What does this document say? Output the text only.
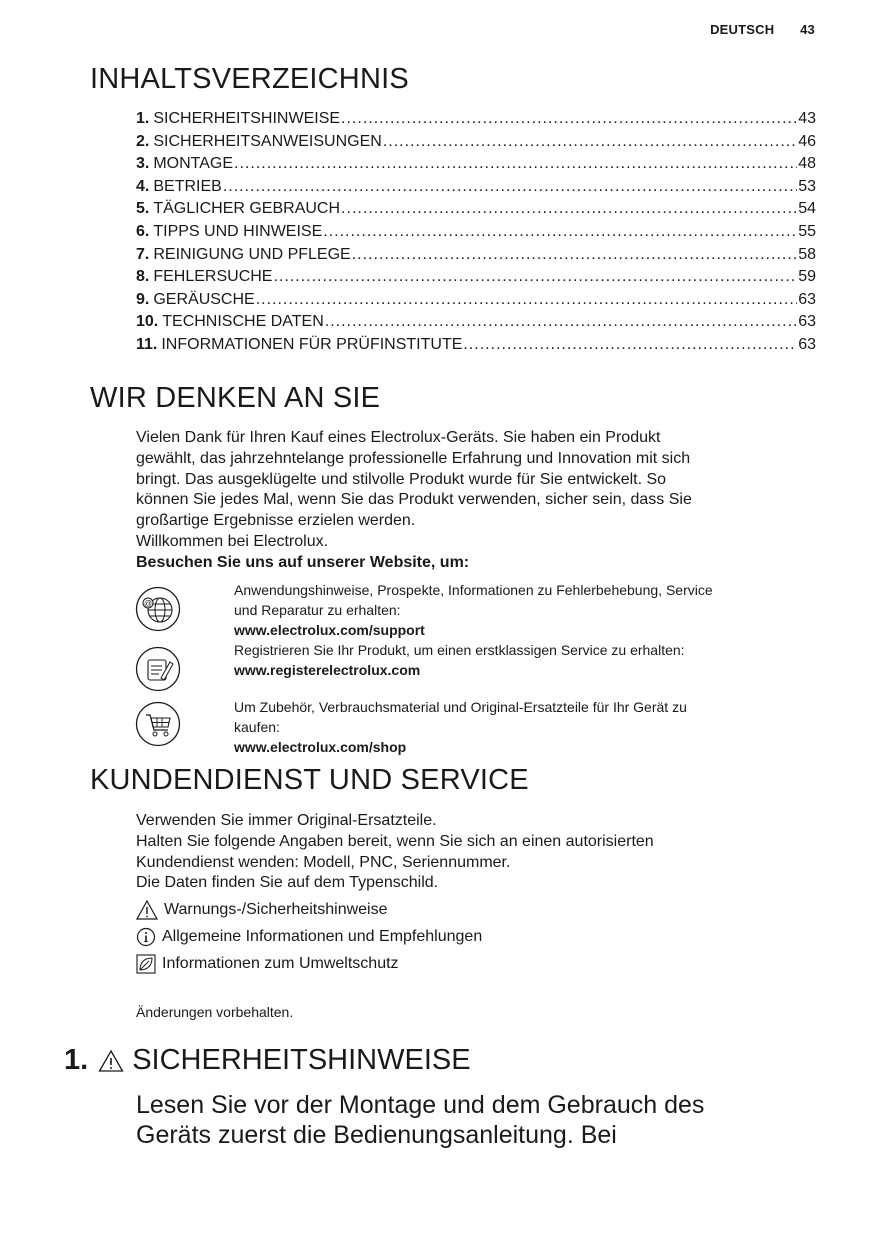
DEUTSCH 43
INHALTSVERZEICHNIS
1. SICHERHEITSHINWEISE .....	43
2. SICHERHEITSANWEISUNGEN .....	46
3. MONTAGE .....	48
4. BETRIEB .....	53
5. TÄGLICHER GEBRAUCH .....	54
6. TIPPS UND HINWEISE .....	55
7. REINIGUNG UND PFLEGE .....	58
8. FEHLERSUCHE .....	59
9. GERÄUSCHE .....	63
10. TECHNISCHE DATEN .....	63
11. INFORMATIONEN FÜR PRÜFINSTITUTE .....	63
WIR DENKEN AN SIE

Vielen Dank für Ihren Kauf eines Electrolux-Geräts. Sie haben ein Produkt

gewählt, das jahrzehntelange professionelle Erfahrung und Innovation mit sich

bringt. Das ausgeklügelte und stilvolle Produkt wurde für Sie entwickelt. So

können Sie jedes Mal, wenn Sie das Produkt verwenden, sicher sein, dass Sie

großartige Ergebnisse erzielen werden.

Willkommen bei Electrolux.

Besuchen Sie uns auf unserer Website, um:

@
Anwendungshinweise, Prospekte, Informationen zu Fehlerbehebung, Service
und Reparatur zu erhalten:
www.electrolux.com/support
Registrieren Sie Ihr Produkt, um einen erstklassigen Service zu erhalten:
www.registerelectrolux.com
Um Zubehör, Verbrauchsmaterial und Original-Ersatzteile für Ihr Gerät zu
kaufen:
www.electrolux.com/shop
KUNDENDIENST UND SERVICE

Verwenden Sie immer Original-Ersatzteile.

Halten Sie folgende Angaben bereit, wenn Sie sich an einen autorisierten

Kundendienst wenden: Modell, PNC, Seriennummer.

Die Daten finden Sie auf dem Typenschild.

Warnungs-/Sicherheitshinweise
Allgemeine Informationen und Empfehlungen
Informationen zum Umweltschutz
Änderungen vorbehalten.
1. SICHERHEITSHINWEISE
Lesen Sie vor der Montage und dem Gebrauch des
Geräts zuerst die Bedienungsanleitung. Bei
